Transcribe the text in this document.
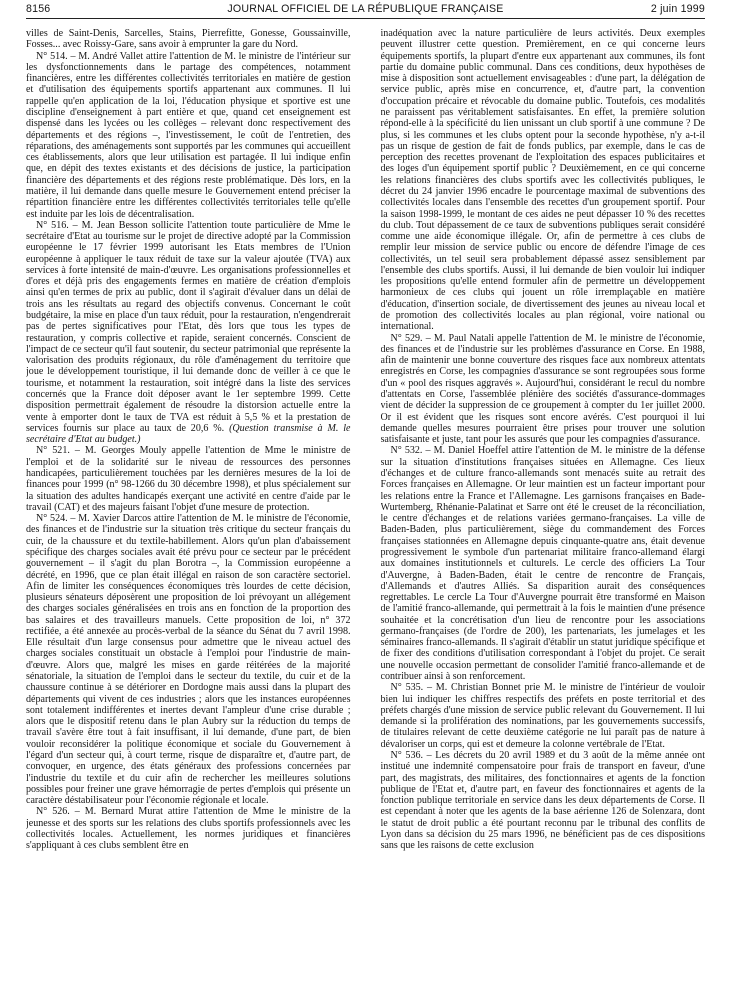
8156	JOURNAL OFFICIEL DE LA RÉPUBLIQUE FRANÇAISE	2 juin 1999

villes de Saint-Denis, Sarcelles, Stains, Pierrefitte, Gonesse, Goussainville, Fosses... avec Roissy-Gare, sans avoir à emprunter la gare du Nord.

N° 514. – M. André Vallet attire l'attention de M. le ministre de l'intérieur sur les dysfonctionnements dans le partage des compétences, notamment financières, entre les différentes collectivités territoriales en matière de gestion et d'utilisation des équipements sportifs appartenant aux communes. Il lui rappelle qu'en application de la loi, l'éducation physique et sportive est une discipline d'enseignement à part entière et que, quand cet enseignement est dispensé dans les lycées ou les collèges – relevant donc respectivement des départements et des régions –, l'investissement, le coût de l'entretien, des réparations, des aménagements sont supportés par les communes qui accueillent ces établissements, alors que leur utilisation est partagée. Il lui indique enfin que, en dépit des textes existants et des décisions de justice, la participation financière des départements et des régions reste problématique. Dès lors, en la matière, il lui demande dans quelle mesure le Gouvernement entend préciser la répartition financière entre les différentes collectivités territoriales telle qu'elle est induite par les lois de décentralisation.

N° 516. – M. Jean Besson sollicite l'attention toute particulière de Mme le secrétaire d'Etat au tourisme sur le projet de directive adopté par la Commission européenne le 17 février 1999 autorisant les Etats membres de l'Union européenne à appliquer le taux réduit de taxe sur la valeur ajoutée (TVA) aux services à forte intensité de main-d'œuvre. Les organisations professionnelles et d'ores et déjà pris des engagements fermes en matière de création d'emplois ainsi qu'en termes de prix au public, dont il s'agirait d'évaluer dans un délai de trois ans les résultats au regard des objectifs convenus. Concernant le coût budgétaire, la mise en place d'un taux réduit, pour la restauration, n'engendrerait pas de pertes significatives pour l'Etat, dès lors que tous les types de restauration, y compris collective et rapide, seraient concernés. Conscient de l'impact de ce secteur qu'il faut soutenir, du secteur patrimonial que représente la valorisation des produits régionaux, du rôle d'aménagement du territoire que joue le développement touristique, il lui demande donc de veiller à ce que le tourisme, et notamment la restauration, soit intégré dans la liste des services concernés que la France doit déposer avant le 1er septembre 1999. Cette disposition permettrait également de résoudre la distorsion actuelle entre la vente à emporter dont le taux de TVA est réduit à 5,5 % et la prestation de services fournis sur place au taux de 20,6 %. (Question transmise à M. le secrétaire d'Etat au budget.)

N° 521. – M. Georges Mouly appelle l'attention de Mme le ministre de l'emploi et de la solidarité sur le niveau de ressources des personnes handicapées, particulièrement touchées par les dernières mesures de la loi de finances pour 1999 (n° 98-1266 du 30 décembre 1998), et plus spécialement sur la situation des adultes handicapés exerçant une activité en centre d'aide par le travail (CAT) et des majeurs faisant l'objet d'une mesure de protection.

N° 524. – M. Xavier Darcos attire l'attention de M. le ministre de l'économie, des finances et de l'industrie sur la situation très critique du secteur français du cuir, de la chaussure et du textile-habillement. Alors qu'un plan d'abaissement spécifique des charges sociales avait été prévu pour ce secteur par le précédent gouvernement – il s'agit du plan Borotra –, la Commission européenne a décrété, en 1996, que ce plan était illégal en raison de son caractère sectoriel. Afin de limiter les conséquences économiques très lourdes de cette décision, plusieurs sénateurs déposèrent une proposition de loi prévoyant un allégement des charges sociales généralisées en trois ans en fonction de la proportion des bas salaires et des travailleurs manuels. Cette proposition de loi, n° 372 rectifiée, a été annexée au procès-verbal de la séance du Sénat du 7 avril 1998. Elle résultait d'un large consensus pour admettre que le niveau actuel des charges sociales constituait un obstacle à l'emploi pour l'industrie de main-d'œuvre. Alors que, malgré les mises en garde réitérées de la majorité sénatoriale, la situation de l'emploi dans le secteur du textile, du cuir et de la chaussure continue à se détériorer en Dordogne mais aussi dans la plupart des départements qui vivent de ces industries ; alors que les instances européennes sont totalement indifférentes et inertes devant l'ampleur d'une crise durable ; alors que le dispositif retenu dans le plan Aubry sur la réduction du temps de travail s'avère être tout à fait insuffisant, il lui demande, d'une part, de bien vouloir reconsidérer la politique économique et sociale du Gouvernement à l'égard d'un secteur qui, à court terme, risque de disparaître et, d'autre part, de convoquer, en urgence, des états généraux des professions concernées par l'industrie du textile et du cuir afin de rechercher les meilleures solutions possibles pour freiner une grave hémorragie de pertes d'emplois qui présente un caractère déstabilisateur pour l'économie régionale et locale.

N° 526. – M. Bernard Murat attire l'attention de Mme le ministre de la jeunesse et des sports sur les relations des clubs sportifs professionnels avec les collectivités locales. Actuellement, les normes juridiques et financières s'appliquant à ces clubs semblent être en

inadéquation avec la nature particulière de leurs activités. Deux exemples peuvent illustrer cette question. Premièrement, en ce qui concerne leurs équipements sportifs, la plupart d'entre eux appartenant aux communes, ils font partie du domaine public communal. Dans ces conditions, deux hypothèses de mise à disposition sont actuellement envisageables : d'une part, la délégation de service public, après mise en concurrence, et, d'autre part, la convention d'occupation précaire et révocable du domaine public. Toutefois, ces modalités ne paraissent pas véritablement satisfaisantes. En effet, la première solution répond-elle à la spécificité du lien unissant un club sportif à une commune ? De plus, si les communes et les clubs optent pour la seconde hypothèse, n'y a-t-il pas un risque de gestion de fait de fonds publics, par exemple, dans le cas de perception des recettes provenant de l'exploitation des espaces publicitaires et des loges d'un équipement sportif public ? Deuxièmement, en ce qui concerne les relations financières des clubs sportifs avec les collectivités publiques, le décret du 24 janvier 1996 encadre le pourcentage maximal de subventions des collectivités locales dans l'ensemble des recettes d'un groupement sportif. Pour la saison 1998-1999, le montant de ces aides ne peut dépasser 10 % des recettes du club. Tout dépassement de ce taux de subventions publiques serait considéré comme une aide économique illégale. Or, afin de permettre à ces clubs de remplir leur mission de service public ou encore de défendre l'image de ces collectivités, un tel seuil sera probablement dépassé assez sensiblement par l'ensemble des clubs sportifs. Aussi, il lui demande de bien vouloir lui indiquer les propositions qu'elle entend formuler afin de permettre un développement harmonieux de ces clubs qui jouent un rôle irremplaçable en matière d'éducation, d'insertion sociale, de divertissement des jeunes au niveau local et de promotion des collectivités locales au plan régional, voire national ou international.

N° 529. – M. Paul Natali appelle l'attention de M. le ministre de l'économie, des finances et de l'industrie sur les problèmes d'assurance en Corse. En 1988, afin de maintenir une bonne couverture des risques face aux nombreux attentats enregistrés en Corse, les compagnies d'assurance se sont regroupées sous forme d'un « pool des risques aggravés ». Aujourd'hui, considérant le recul du nombre d'attentats en Corse, l'assemblée plénière des sociétés d'assurance-dommages vient de décider la suppression de ce groupement à compter du 1er juillet 2000. Or il est évident que les risques sont encore avérés. C'est pourquoi il lui demande quelles mesures pourraient être prises pour trouver une solution satisfaisante et juste, tant pour les assurés que pour les compagnies d'assurance.

N° 532. – M. Daniel Hoeffel attire l'attention de M. le ministre de la défense sur la situation d'institutions françaises situées en Allemagne. Ces lieux d'échanges et de culture franco-allemands sont menacés suite au retrait des Forces françaises en Allemagne. Or leur maintien est un facteur important pour les relations entre la France et l'Allemagne. Les garnisons françaises en Bade-Wurtemberg, Rhénanie-Palatinat et Sarre ont été le creuset de la réconciliation, le centre d'échanges et de relations variées germano-françaises. La ville de Baden-Baden, plus particulièrement, siège du commandement des Forces françaises stationnées en Allemagne depuis cinquante-quatre ans, était devenue progressivement le symbole d'un partenariat militaire franco-allemand élargi aux domaines institutionnels et culturels. Le cercle des officiers La Tour d'Auvergne, à Baden-Baden, était le centre de rencontre de Français, d'Allemands et d'autres Alliés. Sa disparition aurait des conséquences regrettables. Le cercle La Tour d'Auvergne pourrait être transformé en Maison de l'amitié franco-allemande, qui permettrait à la fois le maintien d'une présence souhaitée et la concrétisation d'un lieu de rencontre pour les associations germano-françaises (de l'ordre de 200), les partenariats, les jumelages et les séminaires franco-allemands. Il s'agirait d'établir un statut juridique spécifique et de fixer des conditions d'utilisation correspondant à l'objet du projet. Ce serait une nouvelle occasion permettant de consolider l'amitié franco-allemande et de contribuer ainsi à son renforcement.

N° 535. – M. Christian Bonnet prie M. le ministre de l'intérieur de vouloir bien lui indiquer les chiffres respectifs des préfets en poste territorial et des préfets chargés d'une mission de service public relevant du Gouvernement. Il lui demande si la prolifération des nominations, par les gouvernements successifs, de titulaires relevant de cette deuxième catégorie ne lui paraît pas de nature à dévaloriser un corps, qui est et demeure la colonne vertébrale de l'Etat.

N° 536. – Les décrets du 20 avril 1989 et du 3 août de la même année ont institué une indemnité compensatoire pour frais de transport en faveur, d'une part, des magistrats, des militaires, des fonctionnaires et agents de la fonction publique de l'Etat et, d'autre part, en faveur des fonctionnaires et agents de la fonction publique territoriale en service dans les deux départements de Corse. Il est cependant à noter que les agents de la base aérienne 126 de Solenzara, dont le statut de droit public a été pourtant reconnu par le tribunal des conflits de Lyon dans sa décision du 25 mars 1996, ne bénéficient pas de ces dispositions sans que les raisons de cette exclusion
